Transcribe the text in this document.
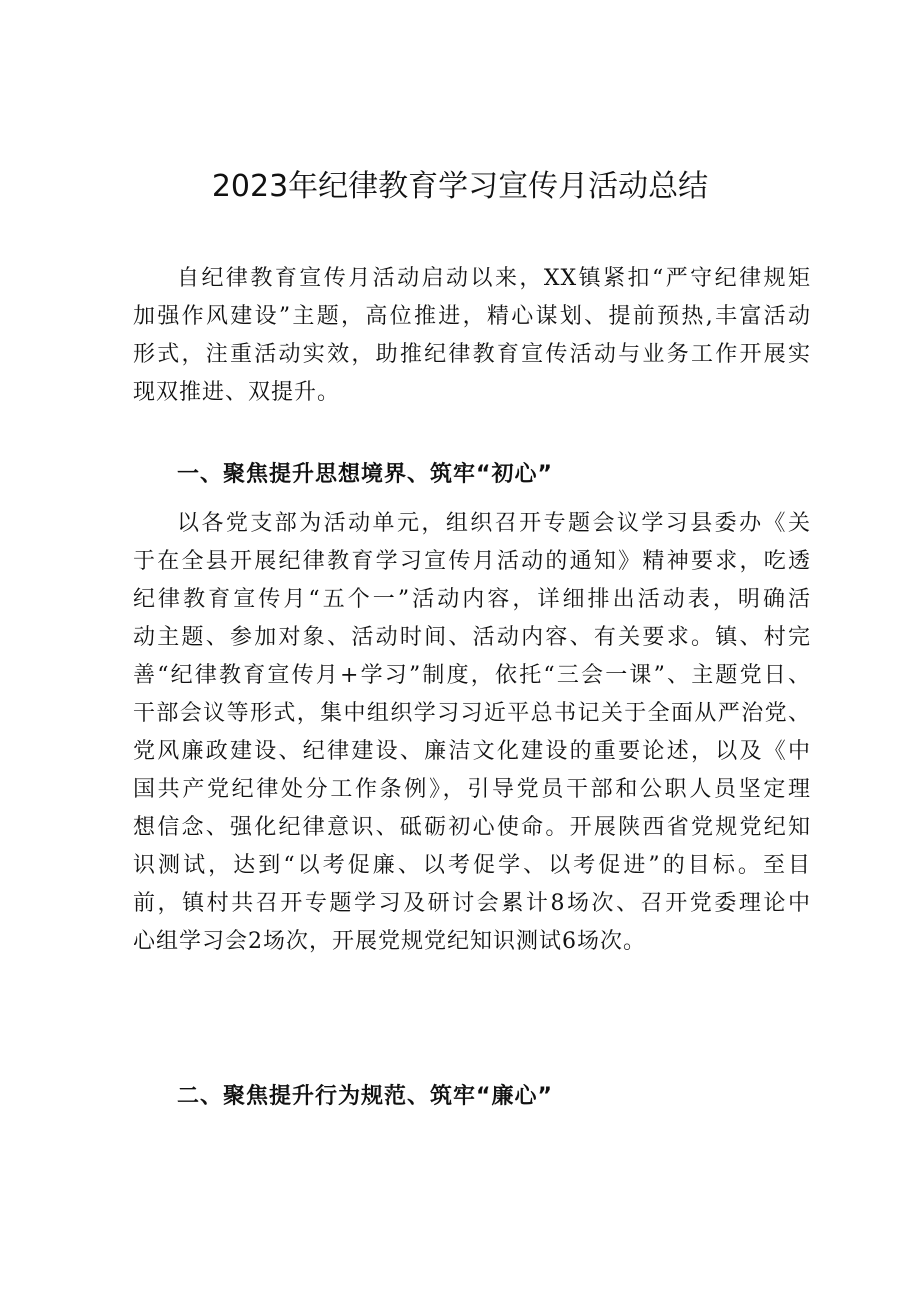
2023年纪律教育学习宣传月活动总结
自纪律教育宣传月活动启动以来，XX镇紧扣“严守纪律规矩
加强作风建设”主题，高位推进，精心谋划、提前预热,丰富活动
形式，注重活动实效，助推纪律教育宣传活动与业务工作开展实
现双推进、双提升。
一、聚焦提升思想境界、筑牢“初心”
以各党支部为活动单元，组织召开专题会议学习县委办《关
于在全县开展纪律教育学习宣传月活动的通知》精神要求，吃透
纪律教育宣传月“五个一”活动内容，详细排出活动表，明确活
动主题、参加对象、活动时间、活动内容、有关要求。镇、村完
善“纪律教育宣传月+学习”制度，依托“三会一课”、主题党日、
干部会议等形式，集中组织学习习近平总书记关于全面从严治党、
党风廉政建设、纪律建设、廉洁文化建设的重要论述，以及《中
国共产党纪律处分工作条例》，引导党员干部和公职人员坚定理
想信念、强化纪律意识、砥砺初心使命。开展陕西省党规党纪知
识测试，达到“以考促廉、以考促学、以考促进”的目标。至目
前，镇村共召开专题学习及研讨会累计8场次、召开党委理论中
心组学习会2场次，开展党规党纪知识测试6场次。
二、聚焦提升行为规范、筑牢“廉心”
